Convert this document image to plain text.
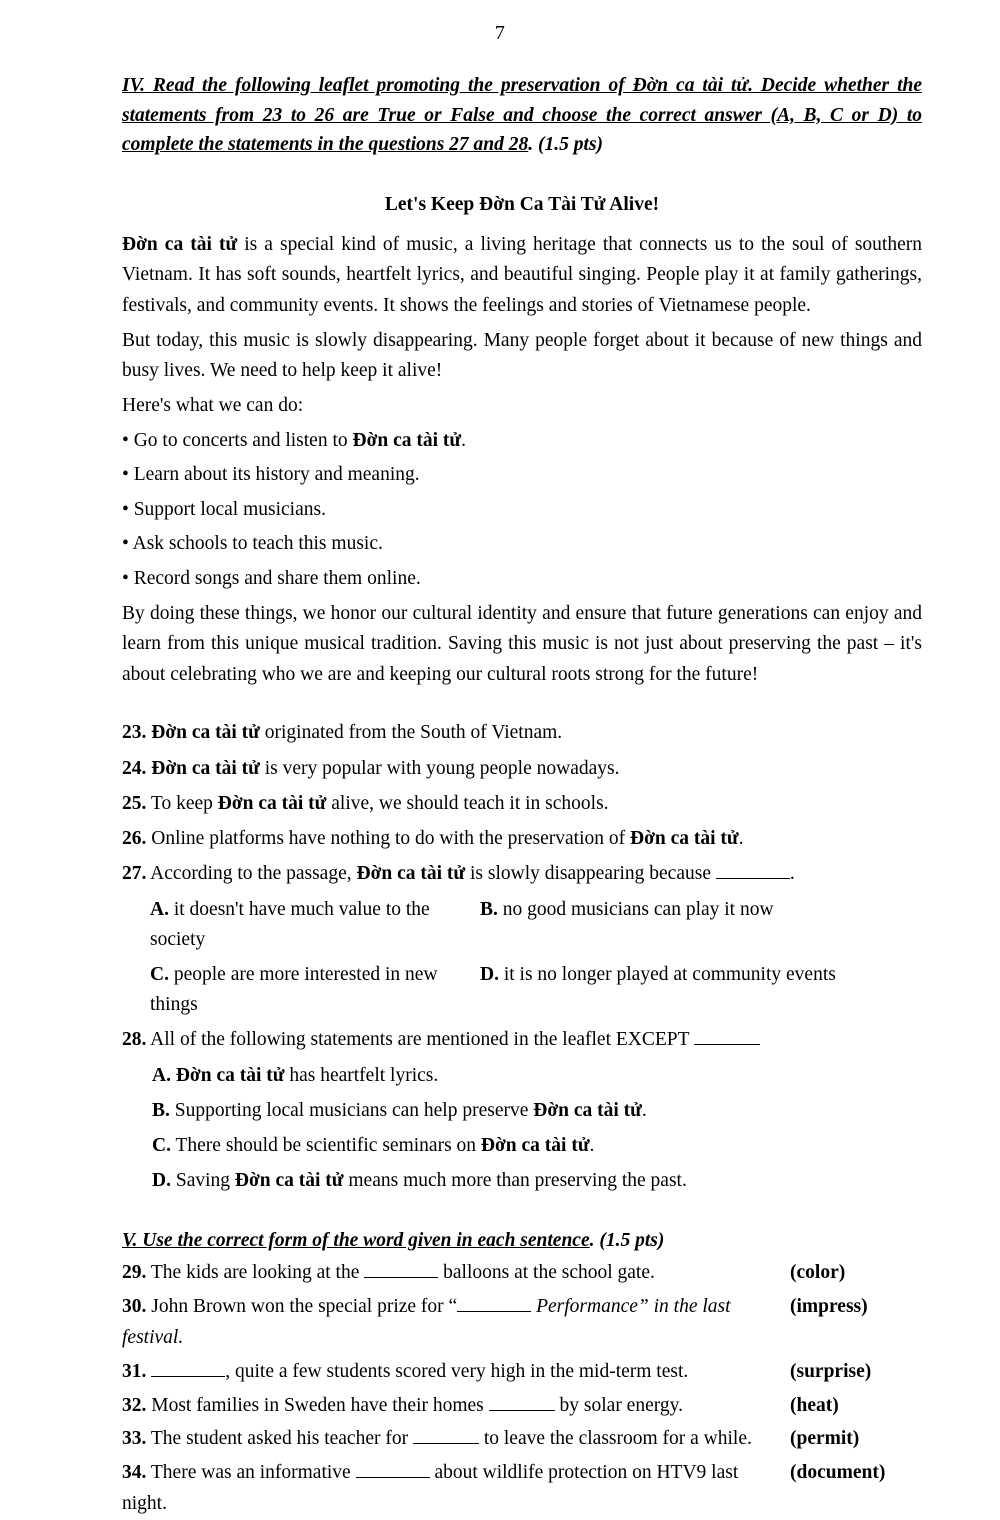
7
IV. Read the following leaflet promoting the preservation of Đờn ca tài tử. Decide whether the statements from 23 to 26 are True or False and choose the correct answer (A, B, C or D) to complete the statements in the questions 27 and 28. (1.5 pts)
Let's Keep Đờn Ca Tài Tử Alive!

Đờn ca tài tử is a special kind of music, a living heritage that connects us to the soul of southern Vietnam. It has soft sounds, heartfelt lyrics, and beautiful singing. People play it at family gatherings, festivals, and community events. It shows the feelings and stories of Vietnamese people.

But today, this music is slowly disappearing. Many people forget about it because of new things and busy lives. We need to help keep it alive!

Here's what we can do:

• Go to concerts and listen to Đờn ca tài tử.

• Learn about its history and meaning.

• Support local musicians.

• Ask schools to teach this music.

• Record songs and share them online.

By doing these things, we honor our cultural identity and ensure that future generations can enjoy and learn from this unique musical tradition. Saving this music is not just about preserving the past – it's about celebrating who we are and keeping our cultural roots strong for the future!

23. Đờn ca tài tử originated from the South of Vietnam.

24. Đờn ca tài tử is very popular with young people nowadays.

25. To keep Đờn ca tài tử alive, we should teach it in schools.

26. Online platforms have nothing to do with the preservation of Đờn ca tài tử.

27. According to the passage, Đờn ca tài tử is slowly disappearing because	.

A. it doesn't have much value to the society
B. no good musicians can play it now
C. people are more interested in new things
D. it is no longer played at community events

28. All of the following statements are mentioned in the leaflet EXCEPT

A. Đờn ca tài tử has heartfelt lyrics.

B. Supporting local musicians can help preserve Đờn ca tài tử.

C. There should be scientific seminars on Đờn ca tài tử.

D. Saving Đờn ca tài tử means much more than preserving the past.

V. Use the correct form of the word given in each sentence. (1.5 pts)
29. The kids are looking at the	balloons at the school gate.	(color)
30. John Brown won the special prize for “	Performance” in the last festival.
(impress)
31.	, quite a few students scored very high in the mid-term test.	(surprise)
32. Most families in Sweden have their homes	by solar energy.	(heat)
33. The student asked his teacher for	to leave the classroom for a while.	(permit)
34. There was an informative	about wildlife protection on HTV9 last night.
(document)
